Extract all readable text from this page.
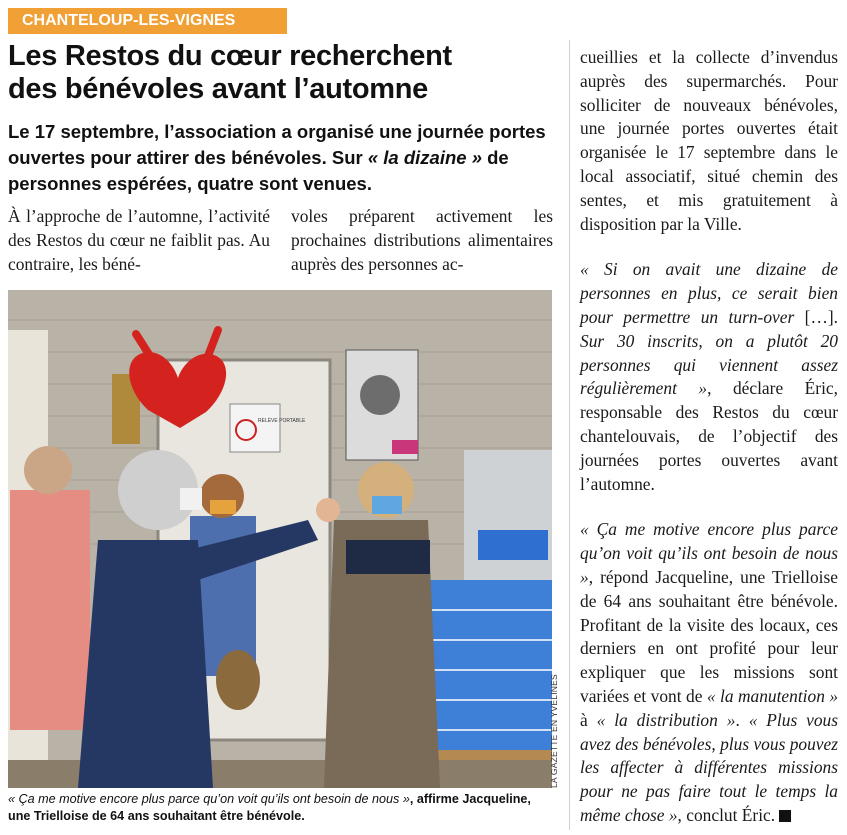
CHANTELOUP-LES-VIGNES
Les Restos du cœur recherchent
des bénévoles avant l’automne

Le 17 septembre, l’association a organisé une journée portes ouvertes pour attirer des bénévoles. Sur « la dizaine » de personnes espérées, quatre sont venues.

À l’approche de l’automne, l’activité des Restos du cœur ne faiblit pas. Au contraire, les béné-

voles préparent activement les prochaines distributions alimentaires auprès des personnes ac-

cueillies et la collecte d’invendus auprès des supermarchés. Pour solliciter de nouveaux bénévoles, une journée portes ouvertes était organisée le 17 septembre dans le local associatif, situé chemin des sentes, et mis gratuitement à disposition par la Ville.

« Si on avait une dizaine de personnes en plus, ce serait bien pour permettre un turn-over […]. Sur 30 inscrits, on a plutôt 20 personnes qui viennent assez régulièrement », déclare Éric, responsable des Restos du cœur chantelouvais, de l’objectif des journées portes ouvertes avant l’automne.

« Ça me motive encore plus parce qu’on voit qu’ils ont besoin de nous », répond Jacqueline, une Trielloise de 64 ans souhaitant être bénévole. Profitant de la visite des locaux, ces derniers en ont profité pour leur expliquer que les missions sont variées et vont de « la manutention » à « la distribution ». « Plus vous avez des bénévoles, plus vous pouvez les affecter à différentes missions pour ne pas faire tout le temps la même chose », conclut Éric.

RELÈVE PORTABLE
LA GAZETTE EN YVELINES

« Ça me motive encore plus parce qu’on voit qu’ils ont besoin de nous », affirme Jacqueline, une Trielloise de 64 ans souhaitant être bénévole.
